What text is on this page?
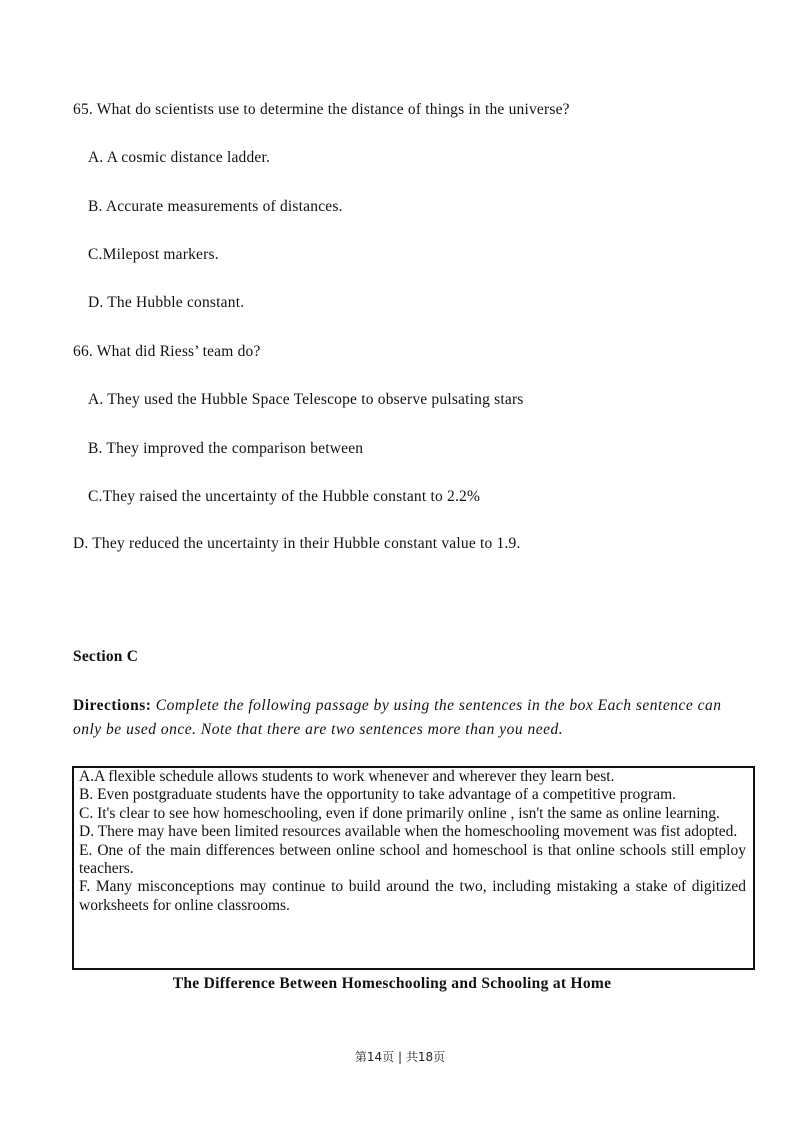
65. What do scientists use to determine the distance of things in the universe?
A. A cosmic distance ladder.
B. Accurate measurements of distances.
C.Milepost markers.
D. The Hubble constant.
66. What did Riess’ team do?
A. They used the Hubble Space Telescope to observe pulsating stars
B. They improved the comparison between
C.They raised the uncertainty of the Hubble constant to 2.2%
D. They reduced the uncertainty in their Hubble constant value to 1.9.
Section C
Directions: Complete the following passage by using the sentences in the box Each sentence can only be used once. Note that there are two sentences more than you need.
A.A flexible schedule allows students to work whenever and wherever they learn best.
B. Even postgraduate students have the opportunity to take advantage of a competitive program.
C. It's clear to see how homeschooling, even if done primarily online , isn't the same as online learning.
D. There may have been limited resources available when the homeschooling movement was fist adopted.
E. One of the main differences between online school and homeschool is that online schools still employ teachers.
F. Many misconceptions may continue to build around the two, including mistaking a stake of digitized worksheets for online classrooms.
The Difference Between Homeschooling and Schooling at Home
第14页 | 共18页
